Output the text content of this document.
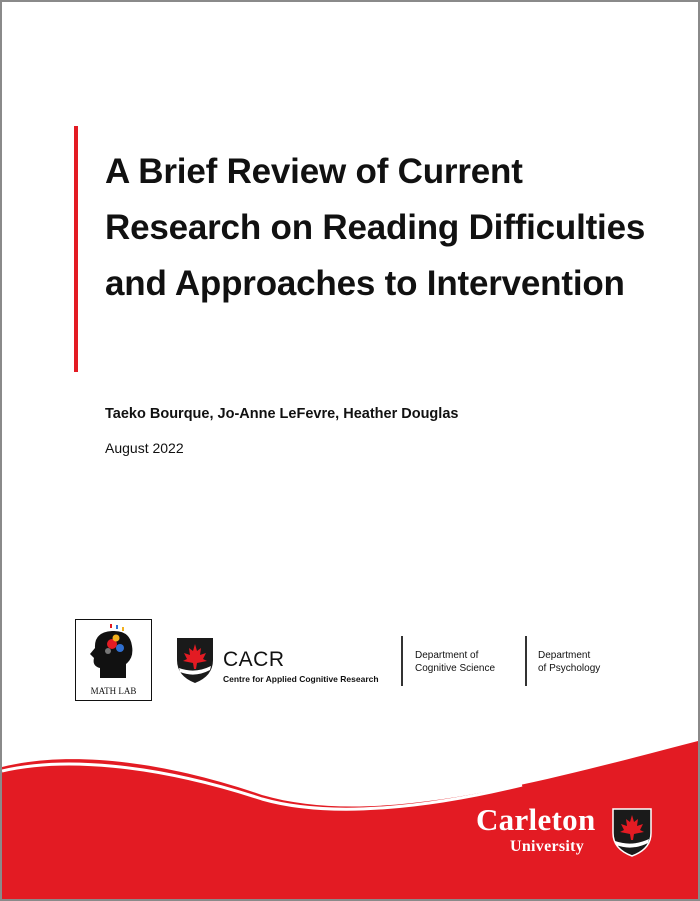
A Brief Review of Current Research on Reading Difficulties and Approaches to Intervention

Taeko Bourque, Jo-Anne LeFevre, Heather Douglas

August 2022

MATH LAB
CACR
Centre for Applied Cognitive Research

Department of
Cognitive Science

Department
of Psychology

Carleton
University
